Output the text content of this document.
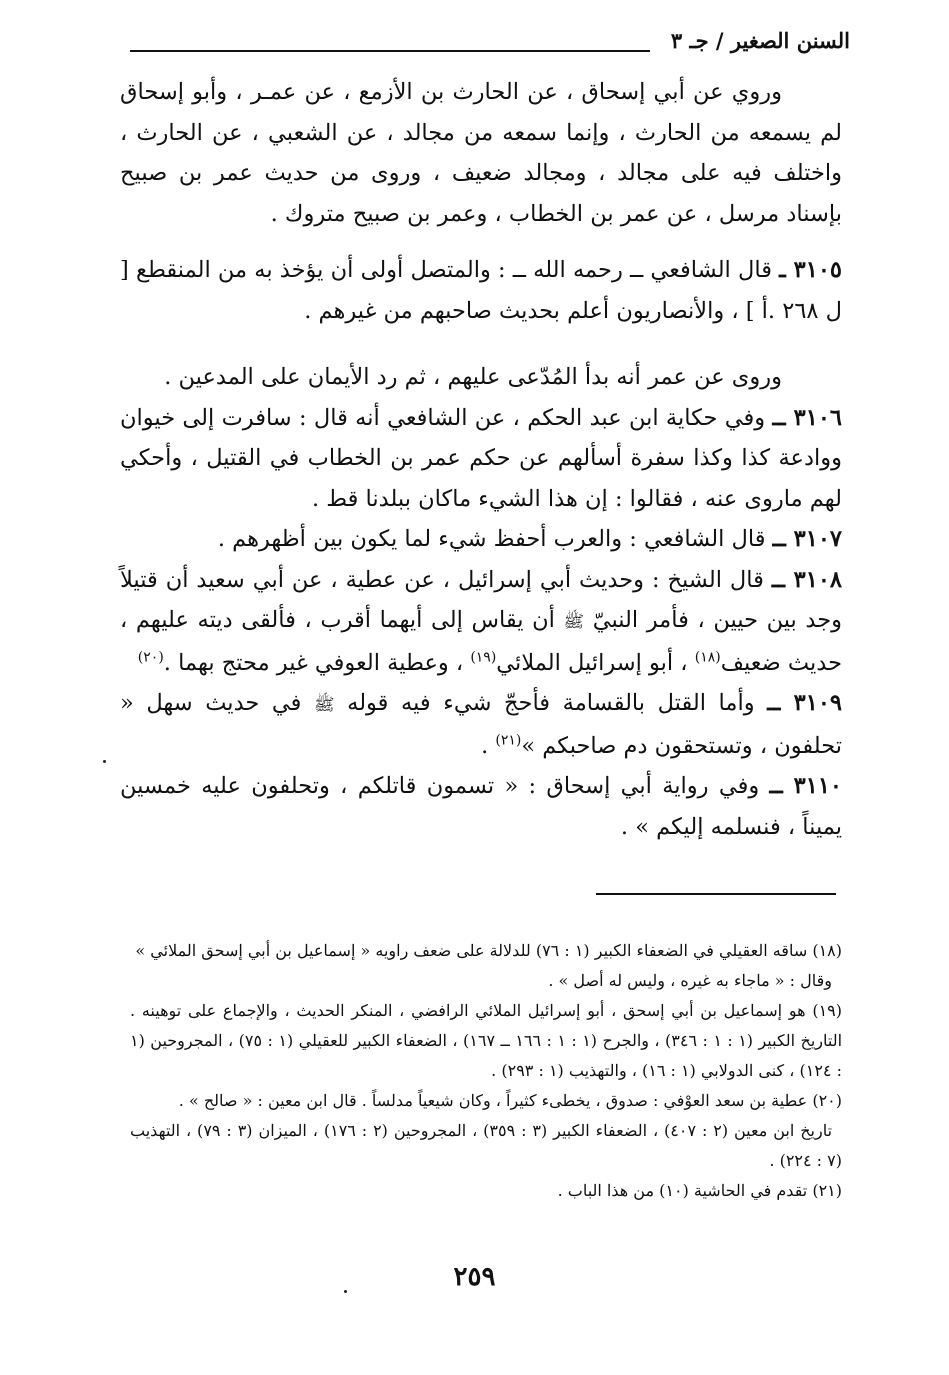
السنن الصغير / جـ ٣

وروي عن أبي إسحاق ، عن الحارث بن الأزمع ، عن عمـر ، وأبو إسحاق لم يسمعه من الحارث ، وإنما سمعه من مجالد ، عن الشعبي ، عن الحارث ، واختلف فيه على مجالد ، ومجالد ضعيف ، وروى من حديث عمر بن صبيح بإسناد مرسل ، عن عمر بن الخطاب ، وعمر بن صبيح متروك .

٣١٠٥ ـ قال الشافعي ــ رحمه الله ــ : والمتصل أولى أن يؤخذ به من المنقطع [ ل ٢٦٨ .أ ] ، والأنصاريون أعلم بحديث صاحبهم من غيرهم .

وروى عن عمر أنه بدأ المُدّعى عليهم ، ثم رد الأيمان على المدعين .

٣١٠٦ ــ وفي حكاية ابن عبد الحكم ، عن الشافعي أنه قال : سافرت إلى خيوان ووادعة كذا وكذا سفرة أسألهم عن حكم عمر بن الخطاب في القتيل ، وأحكي لهم ماروى عنه ، فقالوا : إن هذا الشيء ماكان ببلدنا قط .

٣١٠٧ ــ قال الشافعي : والعرب أحفظ شيء لما يكون بين أظهرهم .

٣١٠٨ ــ قال الشيخ : وحديث أبي إسرائيل ، عن عطية ، عن أبي سعيد أن قتيلاً وجد بين حيين ، فأمر النبيّ ﷺ أن يقاس إلى أيهما أقرب ، فألقى ديته عليهم ، حديث ضعيف$^{(١٨)}$ ، أبو إسرائيل الملائي$^{(١٩)}$ ، وعطية العوفي غير محتج بهما .$^{(٢٠)}$

٣١٠٩ ــ وأما القتل بالقسامة فأحجّ شيء فيه قوله ﷺ في حديث سهل « تحلفون ، وتستحقون دم صاحبكم »$^{(٢١)}$ .

٣١١٠ ــ وفي رواية أبي إسحاق : « تسمون قاتلكم ، وتحلفون عليه خمسين يميناً ، فنسلمه إليكم » .

(١٨) ساقه العقيلي في الضعفاء الكبير (١ : ٧٦) للدلالة على ضعف راويه « إسماعيل بن أبي إسحق الملائي »

وقال : « ماجاء به غيره ، وليس له أصل » .

(١٩) هو إسماعيل بن أبي إسحق ، أبو إسرائيل الملائي الرافضي ، المنكر الحديث ، والإجماع على توهينه . التاريخ الكبير (١ : ١ : ٣٤٦) ، والجرح (١ : ١ : ١٦٦ ــ ١٦٧) ، الضعفاء الكبير للعقيلي (١ : ٧٥) ، المجروحين (١ : ١٢٤) ، كنى الدولابي (١ : ١٦) ، والتهذيب (١ : ٢٩٣) .

(٢٠) عطية بن سعد العوْفي : صدوق ، يخطىء كثيراً ، وكان شيعياً مدلساً . قال ابن معين : « صالح » .

تاريخ ابن معين (٢ : ٤٠٧) ، الضعفاء الكبير (٣ : ٣٥٩) ، المجروحين (٢ : ١٧٦) ، الميزان (٣ : ٧٩) ، التهذيب (٧ : ٢٢٤) .

(٢١) تقدم في الحاشية (١٠) من هذا الباب .

٢٥٩
